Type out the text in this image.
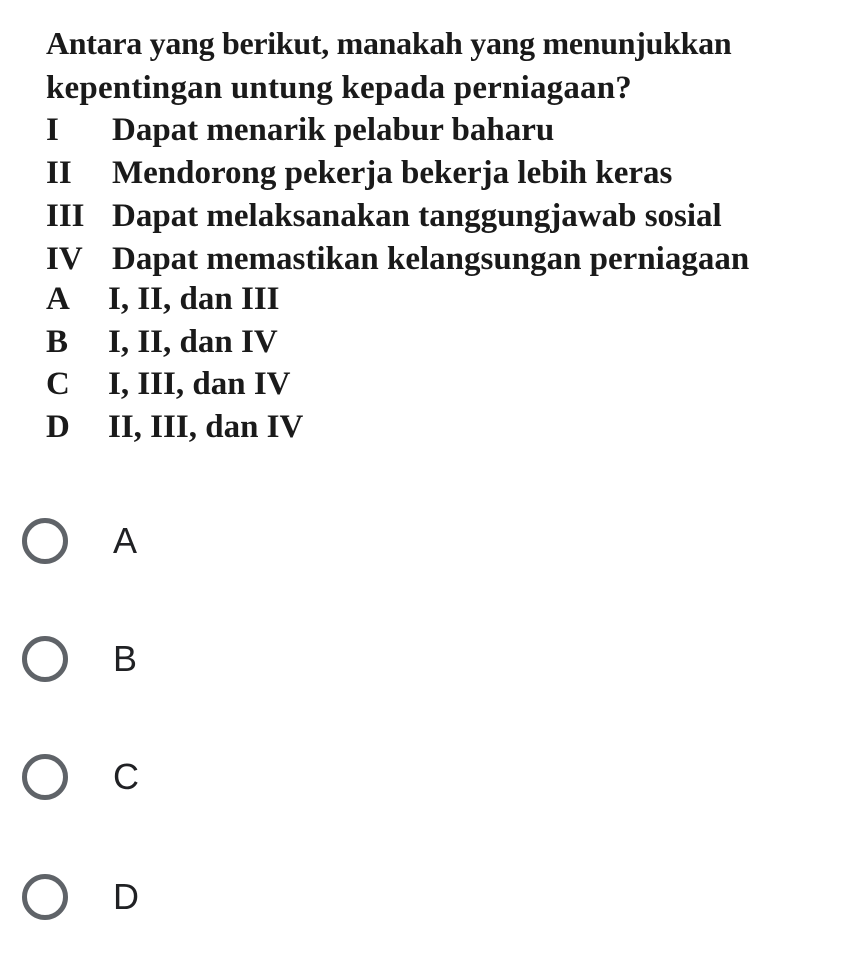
Antara yang berikut, manakah yang menunjukkan
kepentingan untung kepada perniagaan?
I Dapat menarik pelabur baharu
II Mendorong pekerja bekerja lebih keras
III Dapat melaksanakan tanggungjawab sosial
IV Dapat memastikan kelangsungan perniagaan
A I, II, dan III
B I, II, dan IV
C I, III, dan IV
D II, III, dan IV
A
B
C
D
